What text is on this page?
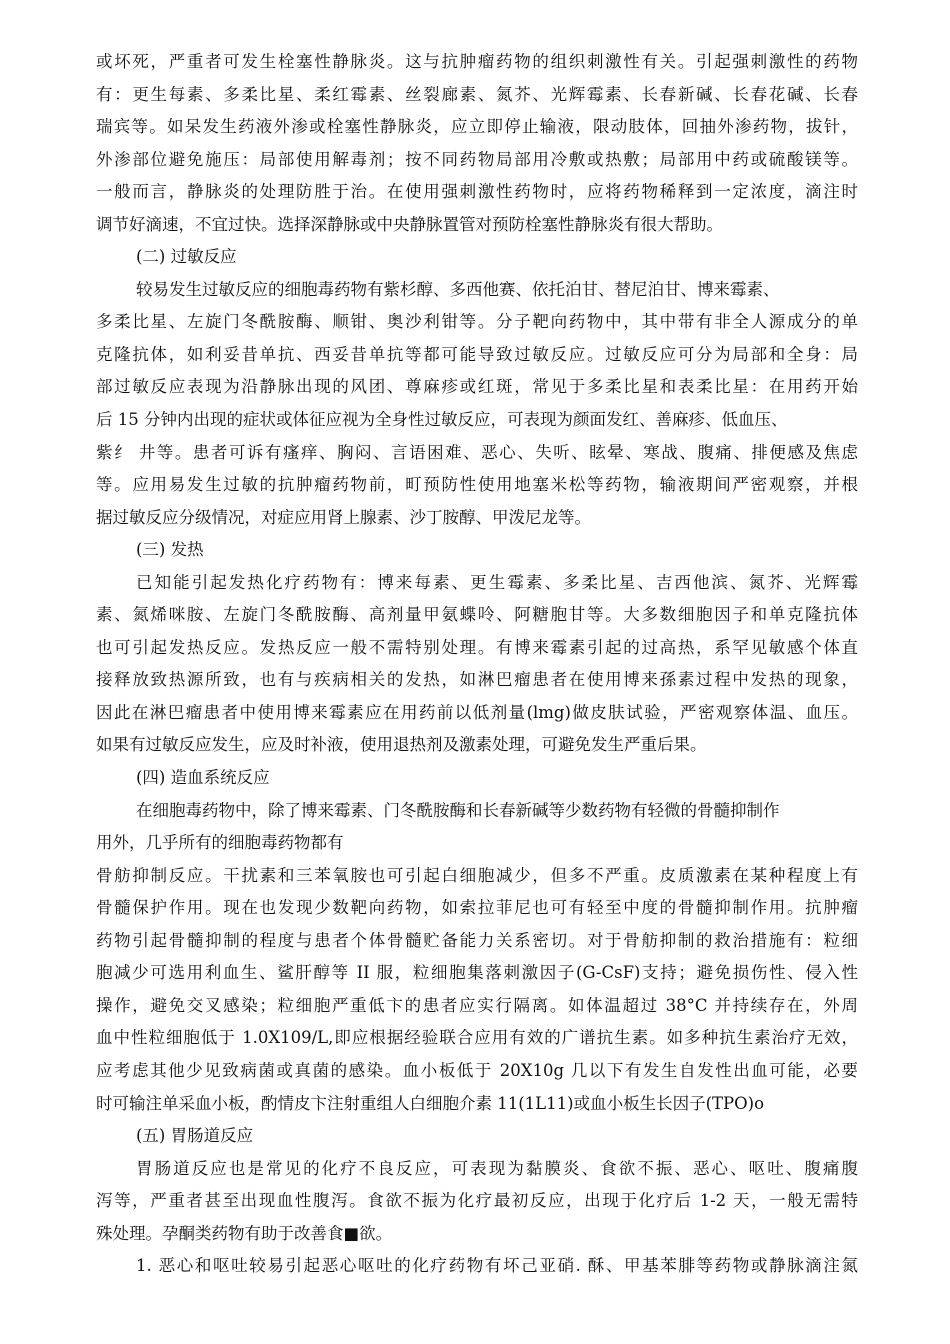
或坏死，严重者可发生栓塞性静脉炎。这与抗肿瘤药物的组织刺激性有关。引起强刺激性的药物
有：更生每素、多柔比星、柔红霉素、丝裂廊素、氮芥、光辉霉素、长春新碱、长春花碱、长春
瑞宾等。如呆发生药液外渗或栓塞性静脉炎，应立即停止输液，限动肢体，回抽外渗药物，拔针，
外渗部位避免施压：局部使用解毒剂；按不同药物局部用冷敷或热敷；局部用中药或硫酸镁等。
一般而言，静脉炎的处理防胜于治。在使用强刺激性药物时，应将药物稀释到一定浓度，滴注时
调节好滴速，不宜过快。选择深静脉或中央静脉置管对预防栓塞性静脉炎有很大帮助。
(二) 过敏反应
较易发生过敏反应的细胞毒药物有紫杉醇、多西他赛、依托泊甘、替尼泊甘、博来霉素、
多柔比星、左旋门冬酰胺酶、顺钳、奥沙利钳等。分子靶向药物中，其中带有非全人源成分的单
克隆抗体，如利妥昔单抗、西妥昔单抗等都可能导致过敏反应。过敏反应可分为局部和全身：局
部过敏反应表现为沿静脉出现的风团、尊麻疹或红斑，常见于多柔比星和表柔比星：在用药开始
后 15 分钟内出现的症状或体征应视为全身性过敏反应，可表现为颜面发红、善麻疹、低血压、
紫纟 井等。患者可诉有瘙痒、胸闷、言语困难、恶心、失听、眩晕、寒战、腹痛、排便感及焦虑
等。应用易发生过敏的抗肿瘤药物前，町预防性使用地塞米松等药物，输液期间严密观察，并根
据过敏反应分级情况，对症应用肾上腺素、沙丁胺醇、甲泼尼龙等。
(三) 发热
已知能引起发热化疗药物有：博来每素、更生霉素、多柔比星、吉西他滨、氮芥、光辉霉
素、氮烯咪胺、左旋门冬酰胺酶、高剂量甲氨蝶呤、阿糖胞甘等。大多数细胞因子和单克隆抗体
也可引起发热反应。发热反应一般不需特别处理。有博来霉素引起的过高热，系罕见敏感个体直
接释放致热源所致，也有与疾病相关的发热，如淋巴瘤患者在使用博来孫素过程中发热的现象，
因此在淋巴瘤患者中使用博来霉素应在用药前以低剂量(lmg)做皮肤试验，严密观察体温、血压。
如果有过敏反应发生，应及时补液，使用退热剂及激素处理，可避免发生严重后果。
(四) 造血系统反应
在细胞毒药物中，除了博来霉素、门冬酰胺酶和长春新碱等少数药物有轻微的骨髓抑制作
用外，几乎所有的细胞毒药物都有
骨舫抑制反应。干扰素和三苯氧胺也可引起白细胞减少，但多不严重。皮质激素在某种程度上有
骨髓保护作用。现在也发现少数靶向药物，如索拉菲尼也可有轻至中度的骨髓抑制作用。抗肿瘤
药物引起骨髓抑制的程度与患者个体骨髓贮备能力关系密切。对于骨舫抑制的救治措施有：粒细
胞减少可选用利血生、鲨肝醇等 II 服，粒细胞集落刺激因子(G-CsF)支持；避免损伤性、侵入性
操作，避免交叉感染；粒细胞严重低卞的患者应实行隔离。如体温超过 38°C 并持续存在，外周
血中性粒细胞低于 1.0X109/L,即应根据经验联合应用有效的广谱抗生素。如多种抗生素治疗无效，
应考虑其他少见致病菌或真菌的感染。血小板低于 20X10g 几以下有发生自发性出血可能，必要
时可输注单采血小板，酌情皮卞注射重组人白细胞介素 11(1L11)或血小板生长因子(TPO)o
(五) 胃肠道反应
胃肠道反应也是常见的化疗不良反应，可表现为黏膜炎、食欲不振、恶心、呕吐、腹痛腹
泻等，严重者甚至出现血性腹泻。食欲不振为化疗最初反应，出现于化疗后 1-2 天，一般无需特
殊处理。孕酮类药物有助于改善食■欲。
1. 恶心和呕吐较易引起恶心呕吐的化疗药物有坏己亚硝. 酥、甲基苯腓等药物或静脉滴注氮
